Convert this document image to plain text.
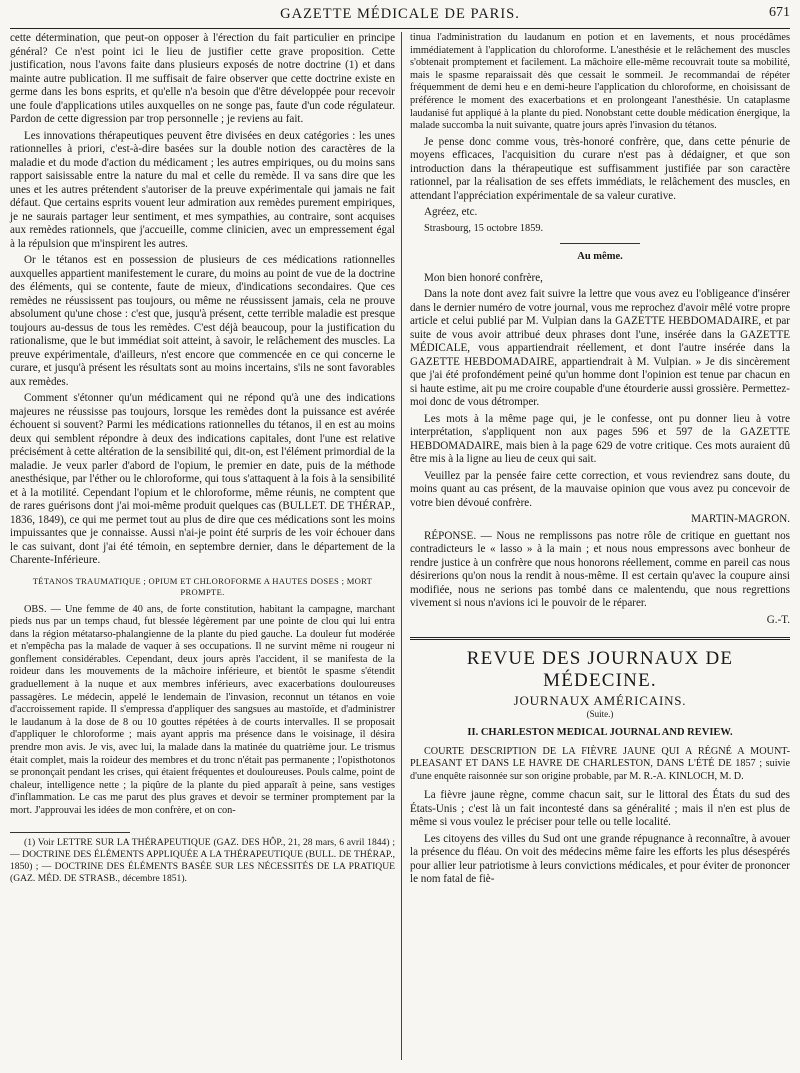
GAZETTE MÉDICALE DE PARIS.	671

cette détermination, que peut-on opposer à l'érection du fait particulier en principe général? Ce n'est point ici le lieu de justifier cette grave proposition. Cette justification, nous l'avons faite dans plusieurs exposés de notre doctrine (1) et dans mainte autre publication. Il me suffisait de faire observer que cette doctrine existe en germe dans les bons esprits, et qu'elle n'a besoin que d'être développée pour recevoir une foule d'applications utiles auxquelles on ne songe pas, faute d'un code régulateur. Pardon de cette digression par trop personnelle ; je reviens au fait.

Les innovations thérapeutiques peuvent être divisées en deux catégories : les unes rationnelles à priori, c'est-à-dire basées sur la double notion des caractères de la maladie et du mode d'action du médicament ; les autres empiriques, ou du moins sans rapport saisissable entre la nature du mal et celle du remède. Il va sans dire que les unes et les autres prétendent s'autoriser de la preuve expérimentale qui jamais ne fait défaut. Que certains esprits vouent leur admiration aux remèdes purement empiriques, je ne saurais partager leur sentiment, et mes sympathies, au contraire, sont acquises aux remèdes rationnels, que j'accueille, comme clinicien, avec un empressement égal à la répulsion que m'inspirent les autres.

Or le tétanos est en possession de plusieurs de ces médications rationnelles auxquelles appartient manifestement le curare, du moins au point de vue de la doctrine des éléments, qui se contente, faute de mieux, d'indications secondaires. Que ces remèdes ne réussissent pas toujours, ou même ne réussissent jamais, cela ne prouve absolument qu'une chose : c'est que, jusqu'à présent, cette terrible maladie est presque toujours au-dessus de tous les remèdes. C'est déjà beaucoup, pour la justification du rationalisme, que le but immédiat soit atteint, à savoir, le relâchement des muscles. La preuve expérimentale, d'ailleurs, n'est encore que commencée en ce qui concerne le curare, et jusqu'à présent les résultats sont au moins incertains, s'ils ne sont favorables aux remèdes.

Comment s'étonner qu'un médicament qui ne répond qu'à une des indications majeures ne réussisse pas toujours, lorsque les remèdes dont la puissance est avérée échouent si souvent? Parmi les médications rationnelles du tétanos, il en est au moins deux qui semblent répondre à deux des indications capitales, dont l'une est relative précisément à cette altération de la sensibilité qui, dit-on, est l'élément primordial de la maladie. Je veux parler d'abord de l'opium, le premier en date, puis de la méthode anesthésique, par l'éther ou le chloroforme, qui tous s'attaquent à la fois à la sensibilité et à la motilité. Cependant l'opium et le chloroforme, même réunis, ne comptent que de rares guérisons dont j'ai moi-même produit quelques cas (BULLET. DE THÉRAP., 1836, 1849), ce qui me permet tout au plus de dire que ces médications sont les moins impuissantes que je connaisse. Aussi n'ai-je point été surpris de les voir échouer dans le cas suivant, dont j'ai été témoin, en septembre dernier, dans le département de la Charente-Inférieure.

TÉTANOS TRAUMATIQUE ; OPIUM ET CHLOROFORME A HAUTES DOSES ; MORT PROMPTE.

OBS. — Une femme de 40 ans, de forte constitution, habitant la campagne, marchant pieds nus par un temps chaud, fut blessée légèrement par une pointe de clou qui lui entra dans la région métatarso-phalangienne de la plante du pied gauche. La douleur fut modérée et n'empêcha pas la malade de vaquer à ses occupations. Il ne survint même ni rougeur ni gonflement considérables. Cependant, deux jours après l'accident, il se manifesta de la roideur dans les mouvements de la mâchoire inférieure, et bientôt le spasme s'étendit graduellement à la nuque et aux membres inférieurs, avec exacerbations douloureuses passagères. Le médecin, appelé le lendemain de l'invasion, reconnut un tétanos en voie d'accroissement rapide. Il s'empressa d'appliquer des sangsues au mastoïde, et d'administrer le laudanum à la dose de 8 ou 10 gouttes répétées à de courts intervalles. Il se proposait d'appliquer le chloroforme ; mais ayant appris ma présence dans le voisinage, il désira prendre mon avis. Je vis, avec lui, la malade dans la matinée du quatrième jour. Le trismus était complet, mais la roideur des membres et du tronc n'était pas permanente ; l'opisthotonos se prononçait pendant les crises, qui étaient fréquentes et douloureuses. Pouls calme, point de chaleur, intelligence nette ; la piqûre de la plante du pied apparaît à peine, sans vestiges d'inflammation. Le cas me parut des plus graves et devoir se terminer promptement par la mort. J'approuvai les idées de mon confrère, et on con-

(1) Voir LETTRE SUR LA THÉRAPEUTIQUE (GAZ. DES HÔP., 21, 28 mars, 6 avril 1844) ; — DOCTRINE DES ÉLÉMENTS APPLIQUÉE A LA THÉRAPEUTIQUE (BULL. DE THÉRAP., 1850) ; — DOCTRINE DES ÉLÉMENTS BASÉE SUR LES NÉCESSITÉS DE LA PRATIQUE (GAZ. MÉD. DE STRASB., décembre 1851).

tinua l'administration du laudanum en potion et en lavements, et nous procédâmes immédiatement à l'application du chloroforme. L'anesthésie et le relâchement des muscles s'obtenait promptement et facilement. La mâchoire elle-même recouvrait toute sa mobilité, mais le spasme reparaissait dès que cessait le sommeil. Je recommandai de répéter fréquemment de demi heu e en demi-heure l'application du chloroforme, en choisissant de préférence le moment des exacerbations et en prolongeant l'anesthésie. Un cataplasme laudanisé fut appliqué à la plante du pied. Nonobstant cette double médication énergique, la malade succomba la nuit suivante, quatre jours après l'invasion du tétanos.

Je pense donc comme vous, très-honoré confrère, que, dans cette pénurie de moyens efficaces, l'acquisition du curare n'est pas à dédaigner, et que son introduction dans la thérapeutique est suffisamment justifiée par son caractère rationnel, par la réalisation de ses effets immédiats, le relâchement des muscles, en attendant l'appréciation expérimentale de sa valeur curative.

Agréez, etc.

Strasbourg, 15 octobre 1859.

Au même.

Mon bien honoré confrère,

Dans la note dont avez fait suivre la lettre que vous avez eu l'obligeance d'insérer dans le dernier numéro de votre journal, vous me reprochez d'avoir mêlé votre propre article et celui publié par M. Vulpian dans la GAZETTE HEBDOMADAIRE, et par suite de vous avoir attribué deux phrases dont l'une, insérée dans la GAZETTE MÉDICALE, vous appartiendrait réellement, et dont l'autre insérée dans la GAZETTE HEBDOMADAIRE, appartiendrait à M. Vulpian. » Je dis sincèrement que j'ai été profondément peiné qu'un homme dont l'opinion est tenue par chacun en si haute estime, ait pu me croire coupable d'une étourderie aussi grossière. Permettez-moi donc de vous détromper.

Les mots à la même page qui, je le confesse, ont pu donner lieu à votre interprétation, s'appliquent non aux pages 596 et 597 de la GAZETTE HEBDOMADAIRE, mais bien à la page 629 de votre critique. Ces mots auraient dû être mis à la ligne au lieu de ceux qui sait.

Veuillez par la pensée faire cette correction, et vous reviendrez sans doute, du moins quant au cas présent, de la mauvaise opinion que vous avez pu concevoir de votre bien dévoué confrère.

MARTIN-MAGRON.

RÉPONSE. — Nous ne remplissons pas notre rôle de critique en guettant nos contradicteurs le « lasso » à la main ; et nous nous empressons avec bonheur de rendre justice à un confrère que nous honorons réellement, comme en pareil cas nous désirerions qu'on nous la rendit à nous-même. Il est certain qu'avec la coupure ainsi modifiée, nous ne serions pas tombé dans ce malentendu, que nous regrettions vivement si nous n'avions ici le pouvoir de le réparer.

G.-T.

REVUE DES JOURNAUX DE MÉDECINE.
JOURNAUX AMÉRICAINS.
(Suite.)
II. CHARLESTON MEDICAL JOURNAL AND REVIEW.

COURTE DESCRIPTION DE LA FIÈVRE JAUNE QUI A RÉGNÉ A MOUNT-PLEASANT ET DANS LE HAVRE DE CHARLESTON, DANS L'ÉTÉ DE 1857 ; suivie d'une enquête raisonnée sur son origine probable, par M. R.-A. KINLOCH, M. D.

La fièvre jaune règne, comme chacun sait, sur le littoral des États du sud des États-Unis ; c'est là un fait incontesté dans sa généralité ; mais il n'en est plus de même si vous voulez le préciser pour telle ou telle localité.

Les citoyens des villes du Sud ont une grande répugnance à reconnaître, à avouer la présence du fléau. On voit des médecins même faire les efforts les plus désespérés pour allier leur patriotisme à leurs convictions médicales, et pour éviter de prononcer le nom fatal de fiè-
